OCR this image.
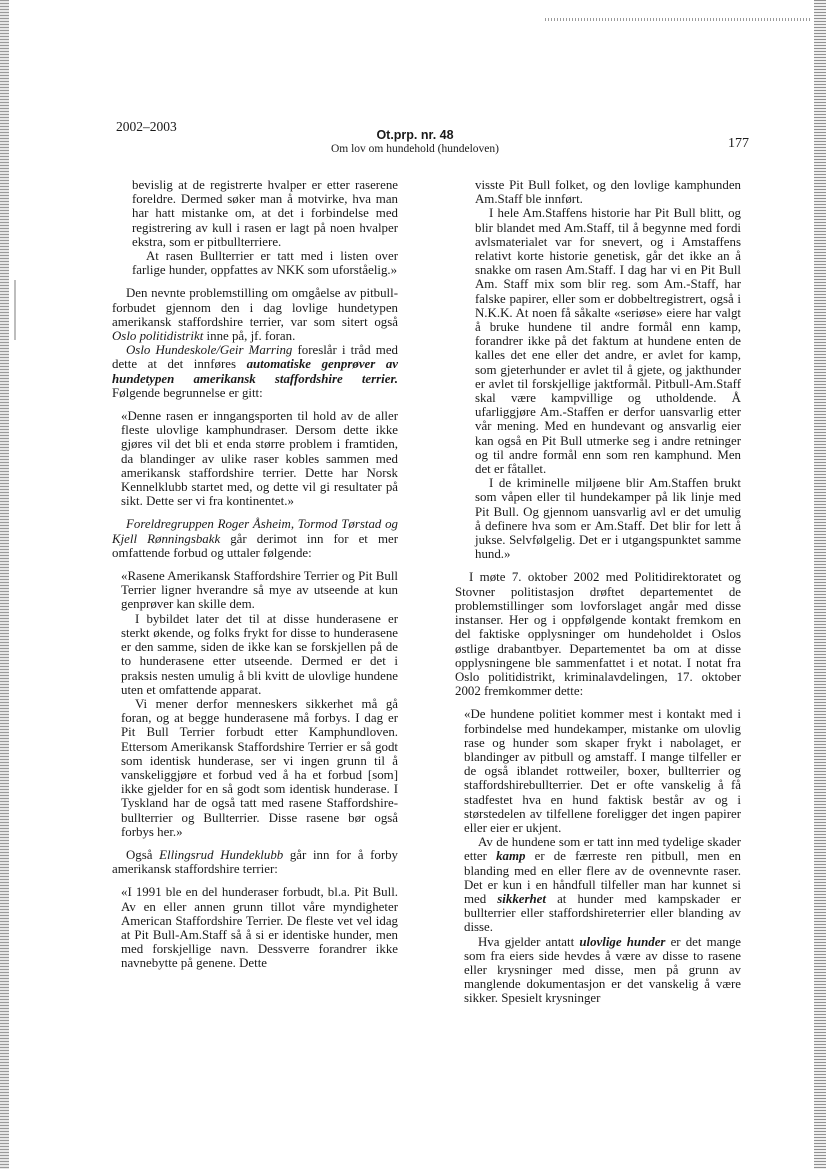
2002–2003
Ot.prp. nr. 48
Om lov om hundehold (hundeloven)	177

bevislig at de registrerte hvalper er etter raserene foreldre. Dermed søker man å motvirke, hva man har hatt mistanke om, at det i forbindelse med registrering av kull i rasen er lagt på noen hvalper ekstra, som er pitbullterriere.

At rasen Bullterrier er tatt med i listen over farlige hunder, oppfattes av NKK som uforståelig.»

Den nevnte problemstilling om omgåelse av pitbull-forbudet gjennom den i dag lovlige hundetypen amerikansk staffordshire terrier, var som sitert også Oslo politidistrikt inne på, jf. foran.

Oslo Hundeskole/Geir Marring foreslår i tråd med dette at det innføres automatiske genprøver av hundetypen amerikansk staffordshire terrier. Følgende begrunnelse er gitt:

«Denne rasen er inngangsporten til hold av de aller fleste ulovlige kamphundraser. Dersom dette ikke gjøres vil det bli et enda større problem i framtiden, da blandinger av ulike raser kobles sammen med amerikansk staffordshire terrier. Dette har Norsk Kennelklubb startet med, og dette vil gi resultater på sikt. Dette ser vi fra kontinentet.»

Foreldregruppen Roger Åsheim, Tormod Tørstad og Kjell Rønningsbakk går derimot inn for et mer omfattende forbud og uttaler følgende:

«Rasene Amerikansk Staffordshire Terrier og Pit Bull Terrier ligner hverandre så mye av utseende at kun genprøver kan skille dem.

I bybildet later det til at disse hunderasene er sterkt økende, og folks frykt for disse to hunderasene er den samme, siden de ikke kan se forskjellen på de to hunderasene etter utseende. Dermed er det i praksis nesten umulig å bli kvitt de ulovlige hundene uten et omfattende apparat.

Vi mener derfor menneskers sikkerhet må gå foran, og at begge hunderasene må forbys. I dag er Pit Bull Terrier forbudt etter Kamphundloven. Ettersom Amerikansk Staffordshire Terrier er så godt som identisk hunderase, ser vi ingen grunn til å vanskeliggjøre et forbud ved å ha et forbud [som] ikke gjelder for en så godt som identisk hunderase. I Tyskland har de også tatt med rasene Staffordshire-bullterrier og Bullterrier. Disse rasene bør også forbys her.»

Også Ellingsrud Hundeklubb går inn for å forby amerikansk staffordshire terrier:

«I 1991 ble en del hunderaser forbudt, bl.a. Pit Bull. Av en eller annen grunn tillot våre myndigheter American Staffordshire Terrier. De fleste vet vel idag at Pit Bull-Am.Staff så å si er identiske hunder, men med forskjellige navn. Dessverre forandrer ikke navnebytte på genene. Dette

visste Pit Bull folket, og den lovlige kamphunden Am.Staff ble innført.

I hele Am.Staffens historie har Pit Bull blitt, og blir blandet med Am.Staff, til å begynne med fordi avlsmaterialet var for snevert, og i Amstaffens relativt korte historie genetisk, går det ikke an å snakke om rasen Am.Staff. I dag har vi en Pit Bull Am. Staff mix som blir reg. som Am.-Staff, har falske papirer, eller som er dobbeltregistrert, også i N.K.K. At noen få såkalte «seriøse» eiere har valgt å bruke hundene til andre formål enn kamp, forandrer ikke på det faktum at hundene enten de kalles det ene eller det andre, er avlet for kamp, som gjeterhunder er avlet til å gjete, og jakthunder er avlet til forskjellige jaktformål. Pitbull-Am.Staff skal være kampvillige og utholdende. Å ufarliggjøre Am.-Staffen er derfor uansvarlig etter vår mening. Med en hundevant og ansvarlig eier kan også en Pit Bull utmerke seg i andre retninger og til andre formål enn som ren kamphund. Men det er fåtallet.

I de kriminelle miljøene blir Am.Staffen brukt som våpen eller til hundekamper på lik linje med Pit Bull. Og gjennom uansvarlig avl er det umulig å definere hva som er Am.Staff. Det blir for lett å jukse. Selvfølgelig. Det er i utgangspunktet samme hund.»

I møte 7. oktober 2002 med Politidirektoratet og Stovner politistasjon drøftet departementet de problemstillinger som lovforslaget angår med disse instanser. Her og i oppfølgende kontakt fremkom en del faktiske opplysninger om hundeholdet i Oslos østlige drabantbyer. Departementet ba om at disse opplysningene ble sammenfattet i et notat. I notat fra Oslo politidistrikt, kriminalavdelingen, 17. oktober 2002 fremkommer dette:

«De hundene politiet kommer mest i kontakt med i forbindelse med hundekamper, mistanke om ulovlig rase og hunder som skaper frykt i nabolaget, er blandinger av pitbull og amstaff. I mange tilfeller er de også iblandet rottweiler, boxer, bullterrier og staffordshirebullterrier. Det er ofte vanskelig å få stadfestet hva en hund faktisk består av og i størstedelen av tilfellene foreligger det ingen papirer eller eier er ukjent.

Av de hundene som er tatt inn med tydelige skader etter kamp er de færreste ren pitbull, men en blanding med en eller flere av de ovennevnte raser. Det er kun i en håndfull tilfeller man har kunnet si med sikkerhet at hunder med kampskader er bullterrier eller staffordshireterrier eller blanding av disse.

Hva gjelder antatt ulovlige hunder er det mange som fra eiers side hevdes å være av disse to rasene eller krysninger med disse, men på grunn av manglende dokumentasjon er det vanskelig å være sikker. Spesielt krysninger
